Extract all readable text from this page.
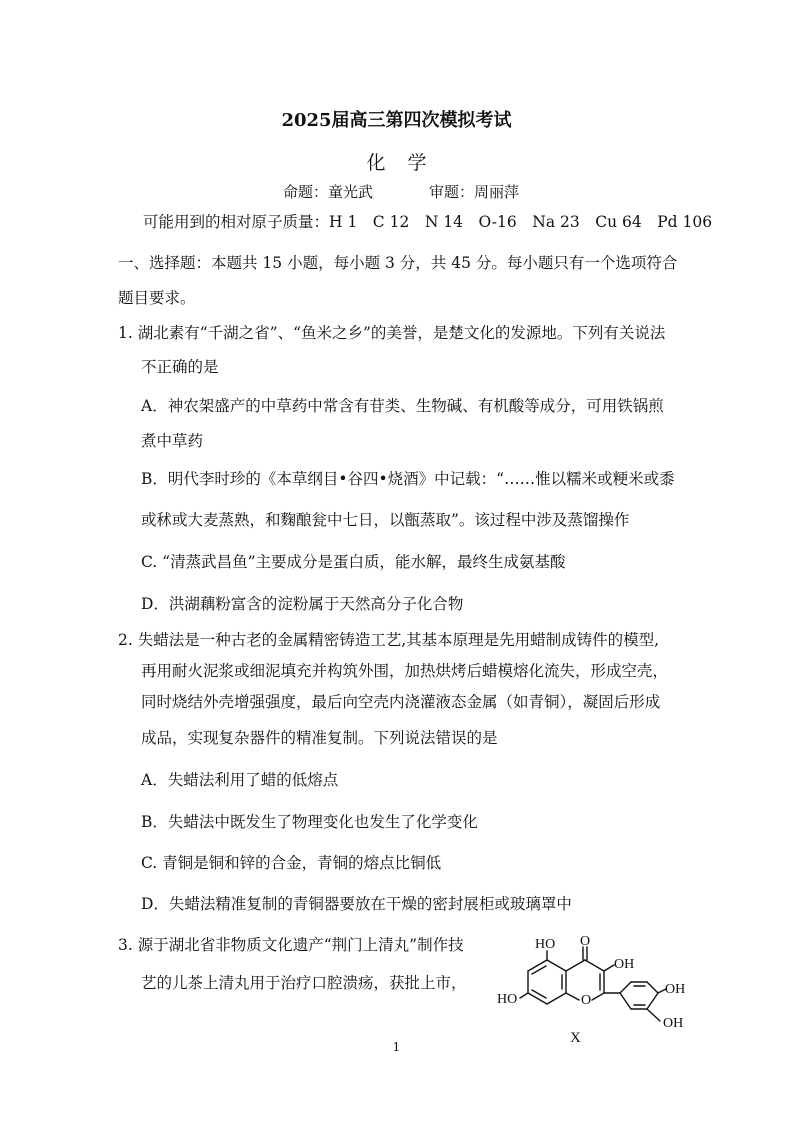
2025届高三第四次模拟考试
化学
命题：童光武	审题：周丽萍
可能用到的相对原子质量：H 1　C 12　N 14　O-16　Na 23　Cu 64　Pd 106
一、选择题：本题共 15 小题，每小题 3 分，共 45 分。每小题只有一个选项符合
题目要求。
1. 湖北素有“千湖之省”、“鱼米之乡”的美誉，是楚文化的发源地。下列有关说法
不正确的是
A．神农架盛产的中草药中常含有苷类、生物碱、有机酸等成分，可用铁锅煎
煮中草药
B．明代李时珍的《本草纲目•谷四•烧酒》中记载：“……惟以糯米或粳米或黍
或秫或大麦蒸熟，和麴酿瓮中七日，以甑蒸取”。该过程中涉及蒸馏操作
C. “清蒸武昌鱼”主要成分是蛋白质，能水解，最终生成氨基酸
D．洪湖藕粉富含的淀粉属于天然高分子化合物
2. 失蜡法是一种古老的金属精密铸造工艺,其基本原理是先用蜡制成铸件的模型,
再用耐火泥浆或细泥填充并构筑外围，加热烘烤后蜡模熔化流失，形成空壳，
同时烧结外壳增强强度，最后向空壳内浇灌液态金属（如青铜），凝固后形成
成品，实现复杂器件的精准复制。下列说法错误的是
A．失蜡法利用了蜡的低熔点
B．失蜡法中既发生了物理变化也发生了化学变化
C. 青铜是铜和锌的合金，青铜的熔点比铜低
D．失蜡法精准复制的青铜器要放在干燥的密封展柜或玻璃罩中
3. 源于湖北省非物质文化遗产“荆门上清丸”制作技
艺的儿茶上清丸用于治疗口腔溃疡，获批上市，
HO O
OH
HO	O
OH
OH
X
1
